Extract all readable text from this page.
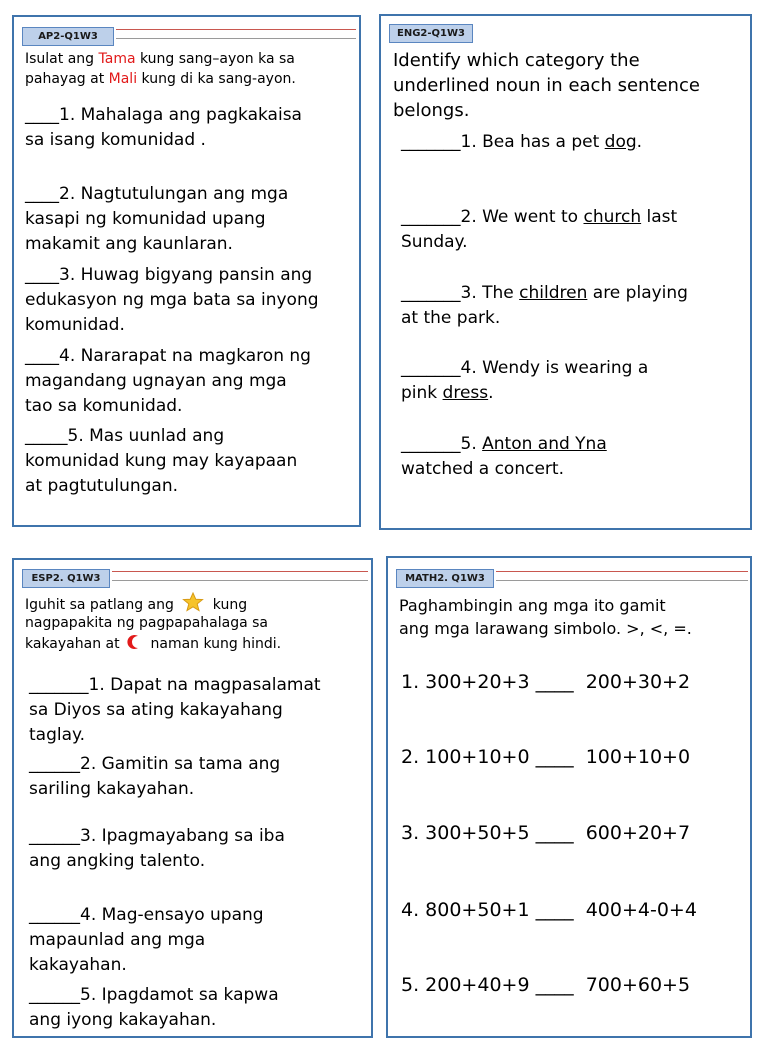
AP2-Q1W3
Isulat ang Tama kung sang–ayon ka sa
pahayag at Mali kung di ka sang-ayon.
____1. Mahalaga ang pagkakaisa
sa isang komunidad .
____2. Nagtutulungan ang mga
kasapi ng komunidad upang
makamit ang kaunlaran.
____3. Huwag bigyang pansin ang
edukasyon ng mga bata sa inyong
komunidad.
____4. Nararapat na magkaron ng
magandang ugnayan ang mga
tao sa komunidad.
_____5. Mas uunlad ang
komunidad kung may kayapaan
at pagtutulungan.
ENG2-Q1W3
Identify which category the
underlined noun in each sentence
belongs.
_______1. Bea has a pet dog.
_______2. We went to church last
Sunday.
_______3. The children are playing
at the park.
_______4. Wendy is wearing a
pink dress.
_______5. Anton and Yna
watched a concert.
ESP2. Q1W3
Iguhit sa patlang ang	kung
nagpapakita ng pagpapahalaga sa
kakayahan at naman kung hindi.
_______1. Dapat na magpasalamat
sa Diyos sa ating kakayahang
taglay.
______2. Gamitin sa tama ang
sariling kakayahan.
______3. Ipagmayabang sa iba
ang angking talento.
______4. Mag-ensayo upang
mapaunlad ang mga
kakayahan.
______5. Ipagdamot sa kapwa
ang iyong kakayahan.
MATH2. Q1W3
Paghambingin ang mga ito gamit
ang mga larawang simbolo. >, <, =.
1. 300+20+3 ____ 200+30+2
2. 100+10+0 ____ 100+10+0
3. 300+50+5 ____ 600+20+7
4. 800+50+1 ____ 400+4-0+4
5. 200+40+9 ____ 700+60+5
